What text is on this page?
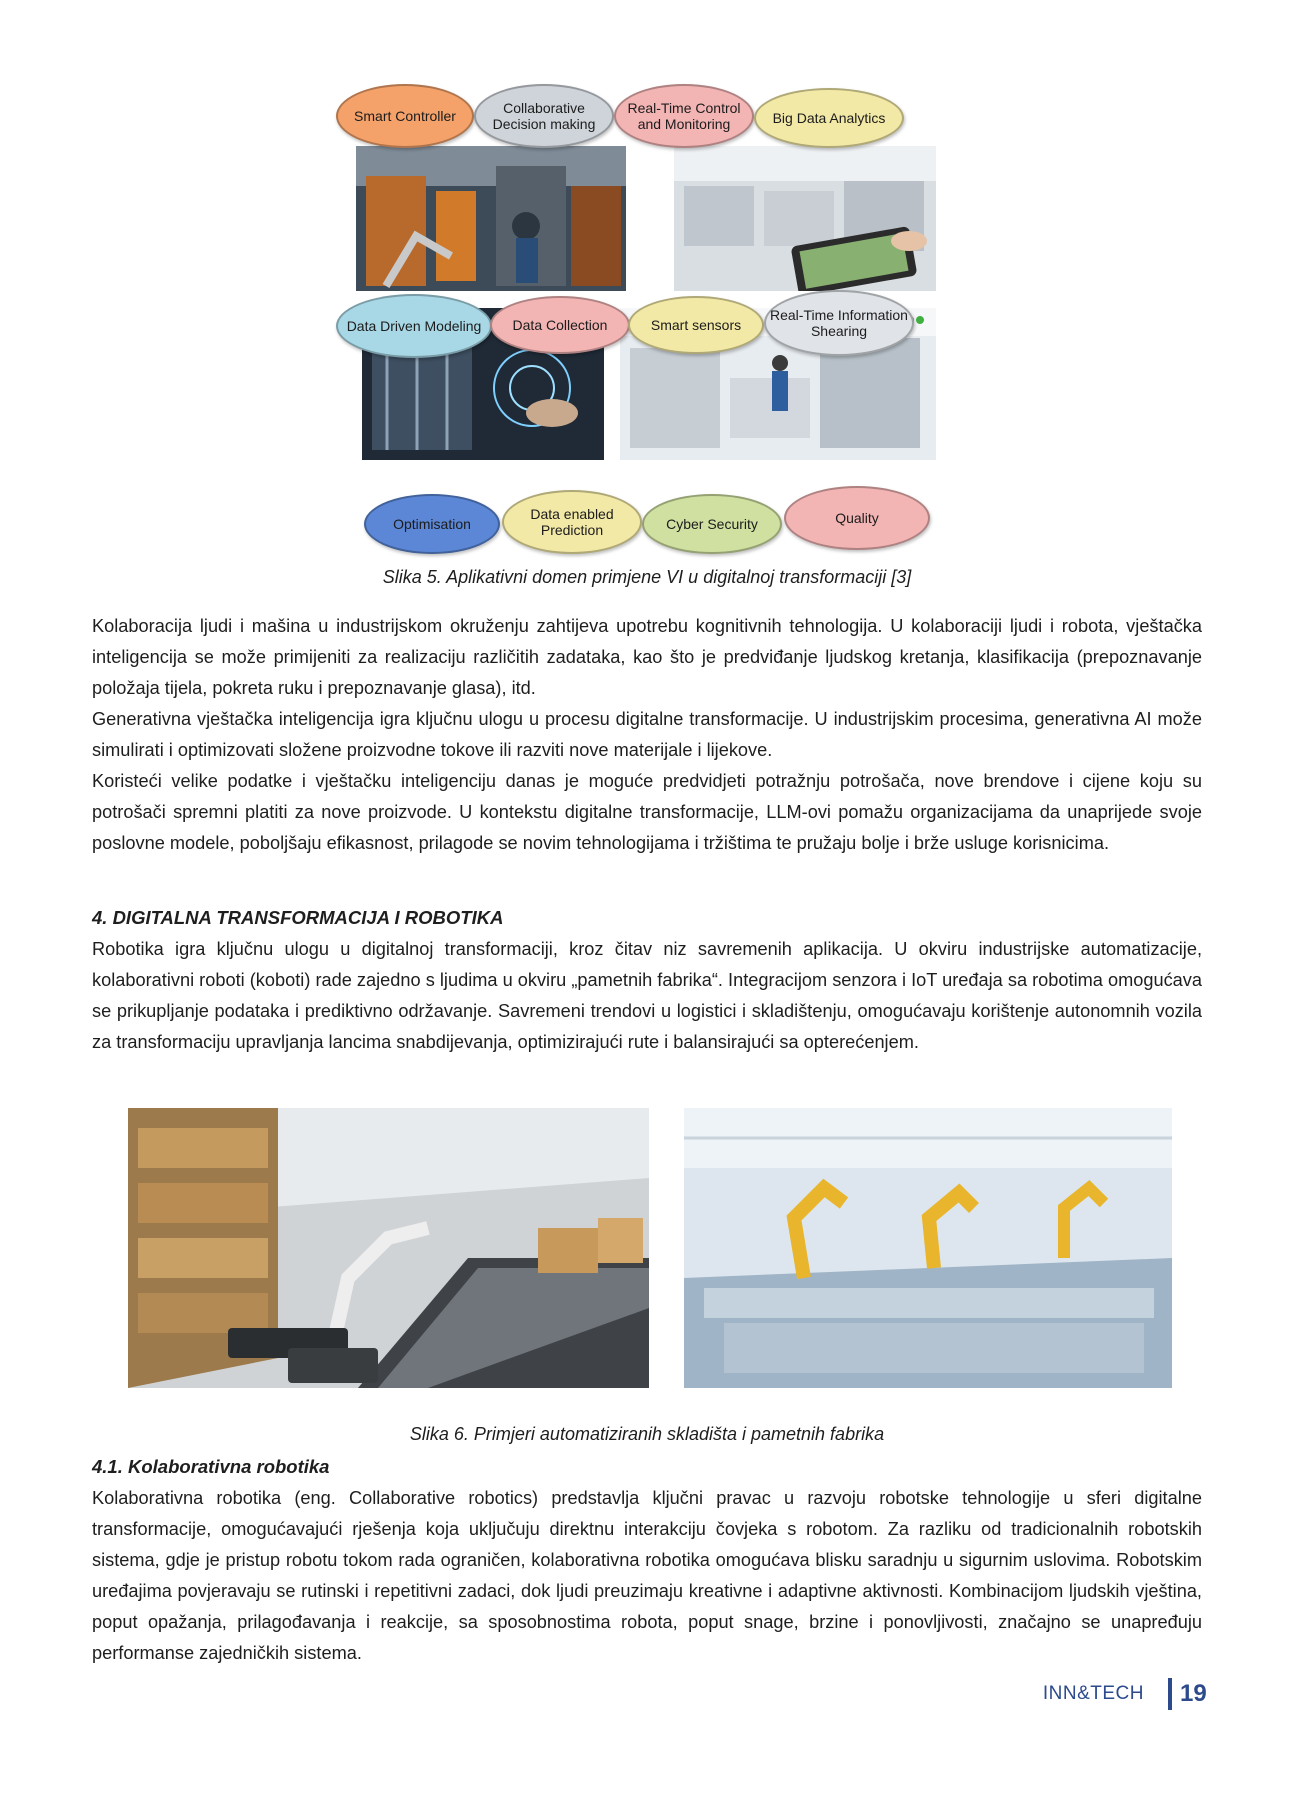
Smart Controller	Collaborative Decision making
Real-Time Control and Monitoring	Big Data Analytics
Data Driven Modeling	Data Collection	Smart sensors
Real-Time Information Shearing
Optimisation
Data enabled Prediction	Cyber Security	Quality
Slika 5. Aplikativni domen primjene VI u digitalnoj transformaciji [3]
Kolaboracija ljudi i mašina u industrijskom okruženju zahtijeva upotrebu kognitivnih tehnologija. U kolaboraciji ljudi i robota, vještačka inteligencija se može primijeniti za realizaciju različitih zadataka, kao što je predviđanje ljudskog kretanja, klasifikacija (prepoznavanje položaja tijela, pokreta ruku i prepoznavanje glasa), itd.
Generativna vještačka inteligencija igra ključnu ulogu u procesu digitalne transformacije. U industrijskim procesima, generativna AI može simulirati i optimizovati složene proizvodne tokove ili razviti nove materijale i lijekove.
Koristeći velike podatke i vještačku inteligenciju danas je moguće predvidjeti potražnju potrošača, nove brendove i cijene koju su potrošači spremni platiti za nove proizvode. U kontekstu digitalne transformacije, LLM-ovi pomažu organizacijama da unaprijede svoje poslovne modele, poboljšaju efikasnost, prilagode se novim tehnologijama i tržištima te pružaju bolje i brže usluge korisnicima.
4. DIGITALNA TRANSFORMACIJA I ROBOTIKA
Robotika igra ključnu ulogu u digitalnoj transformaciji, kroz čitav niz savremenih aplikacija. U okviru industrijske automatizacije, kolaborativni roboti (koboti) rade zajedno s ljudima u okviru „pametnih fabrika“. Integracijom senzora i IoT uređaja sa robotima omogućava se prikupljanje podataka i prediktivno održavanje. Savremeni trendovi u logistici i skladištenju, omogućavaju korištenje autonomnih vozila za transformaciju upravljanja lancima snabdijevanja, optimizirajući rute i balansirajući sa opterećenjem.
Slika 6. Primjeri automatiziranih skladišta i pametnih fabrika
4.1. Kolaborativna robotika
Kolaborativna robotika (eng. Collaborative robotics) predstavlja ključni pravac u razvoju robotske tehnologije u sferi digitalne transformacije, omogućavajući rješenja koja uključuju direktnu interakciju čovjeka s robotom. Za razliku od tradicionalnih robotskih sistema, gdje je pristup robotu tokom rada ograničen, kolaborativna robotika omogućava blisku saradnju u sigurnim uslovima. Robotskim uređajima povjeravaju se rutinski i repetitivni zadaci, dok ljudi preuzimaju kreativne i adaptivne aktivnosti. Kombinacijom ljudskih vještina, poput opažanja, prilagođavanja i reakcije, sa sposobnostima robota, poput snage, brzine i ponovljivosti, značajno se unapređuju performanse zajedničkih sistema.
INN&TECH 19
